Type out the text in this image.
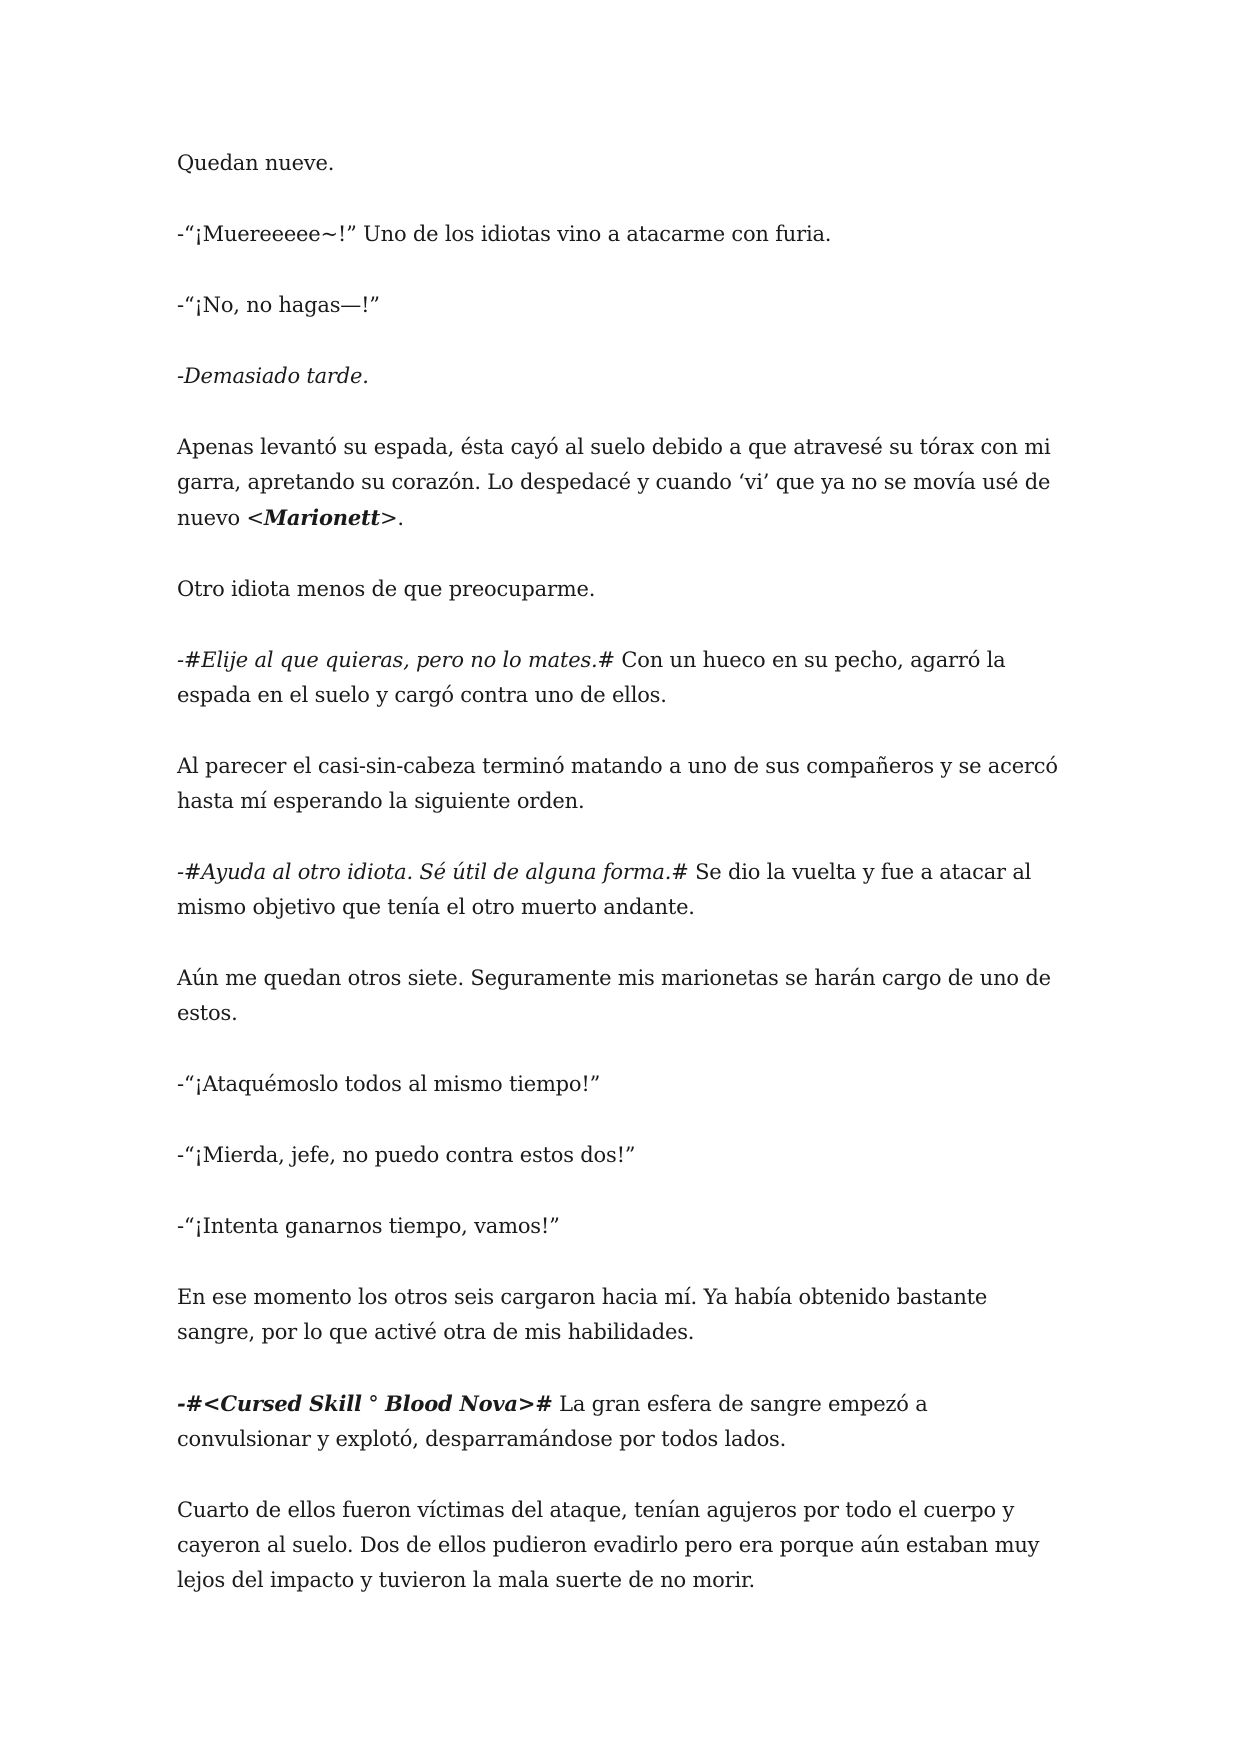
Quedan nueve.

-“¡Muereeeee~!” Uno de los idiotas vino a atacarme con furia.

-“¡No, no hagas—!”

-Demasiado tarde.

Apenas levantó su espada, ésta cayó al suelo debido a que atravesé su tórax con mi garra, apretando su corazón. Lo despedacé y cuando ‘vi’ que ya no se movía usé de nuevo <Marionett>.

Otro idiota menos de que preocuparme.

-#Elije al que quieras, pero no lo mates.# Con un hueco en su pecho, agarró la espada en el suelo y cargó contra uno de ellos.

Al parecer el casi-sin-cabeza terminó matando a uno de sus compañeros y se acercó hasta mí esperando la siguiente orden.

-#Ayuda al otro idiota. Sé útil de alguna forma.# Se dio la vuelta y fue a atacar al mismo objetivo que tenía el otro muerto andante.

Aún me quedan otros siete. Seguramente mis marionetas se harán cargo de uno de estos.

-“¡Ataquémoslo todos al mismo tiempo!”

-“¡Mierda, jefe, no puedo contra estos dos!”

-“¡Intenta ganarnos tiempo, vamos!”

En ese momento los otros seis cargaron hacia mí. Ya había obtenido bastante sangre, por lo que activé otra de mis habilidades.

-#<Cursed Skill ° Blood Nova># La gran esfera de sangre empezó a convulsionar y explotó, desparramándose por todos lados.

Cuarto de ellos fueron víctimas del ataque, tenían agujeros por todo el cuerpo y cayeron al suelo. Dos de ellos pudieron evadirlo pero era porque aún estaban muy lejos del impacto y tuvieron la mala suerte de no morir.
